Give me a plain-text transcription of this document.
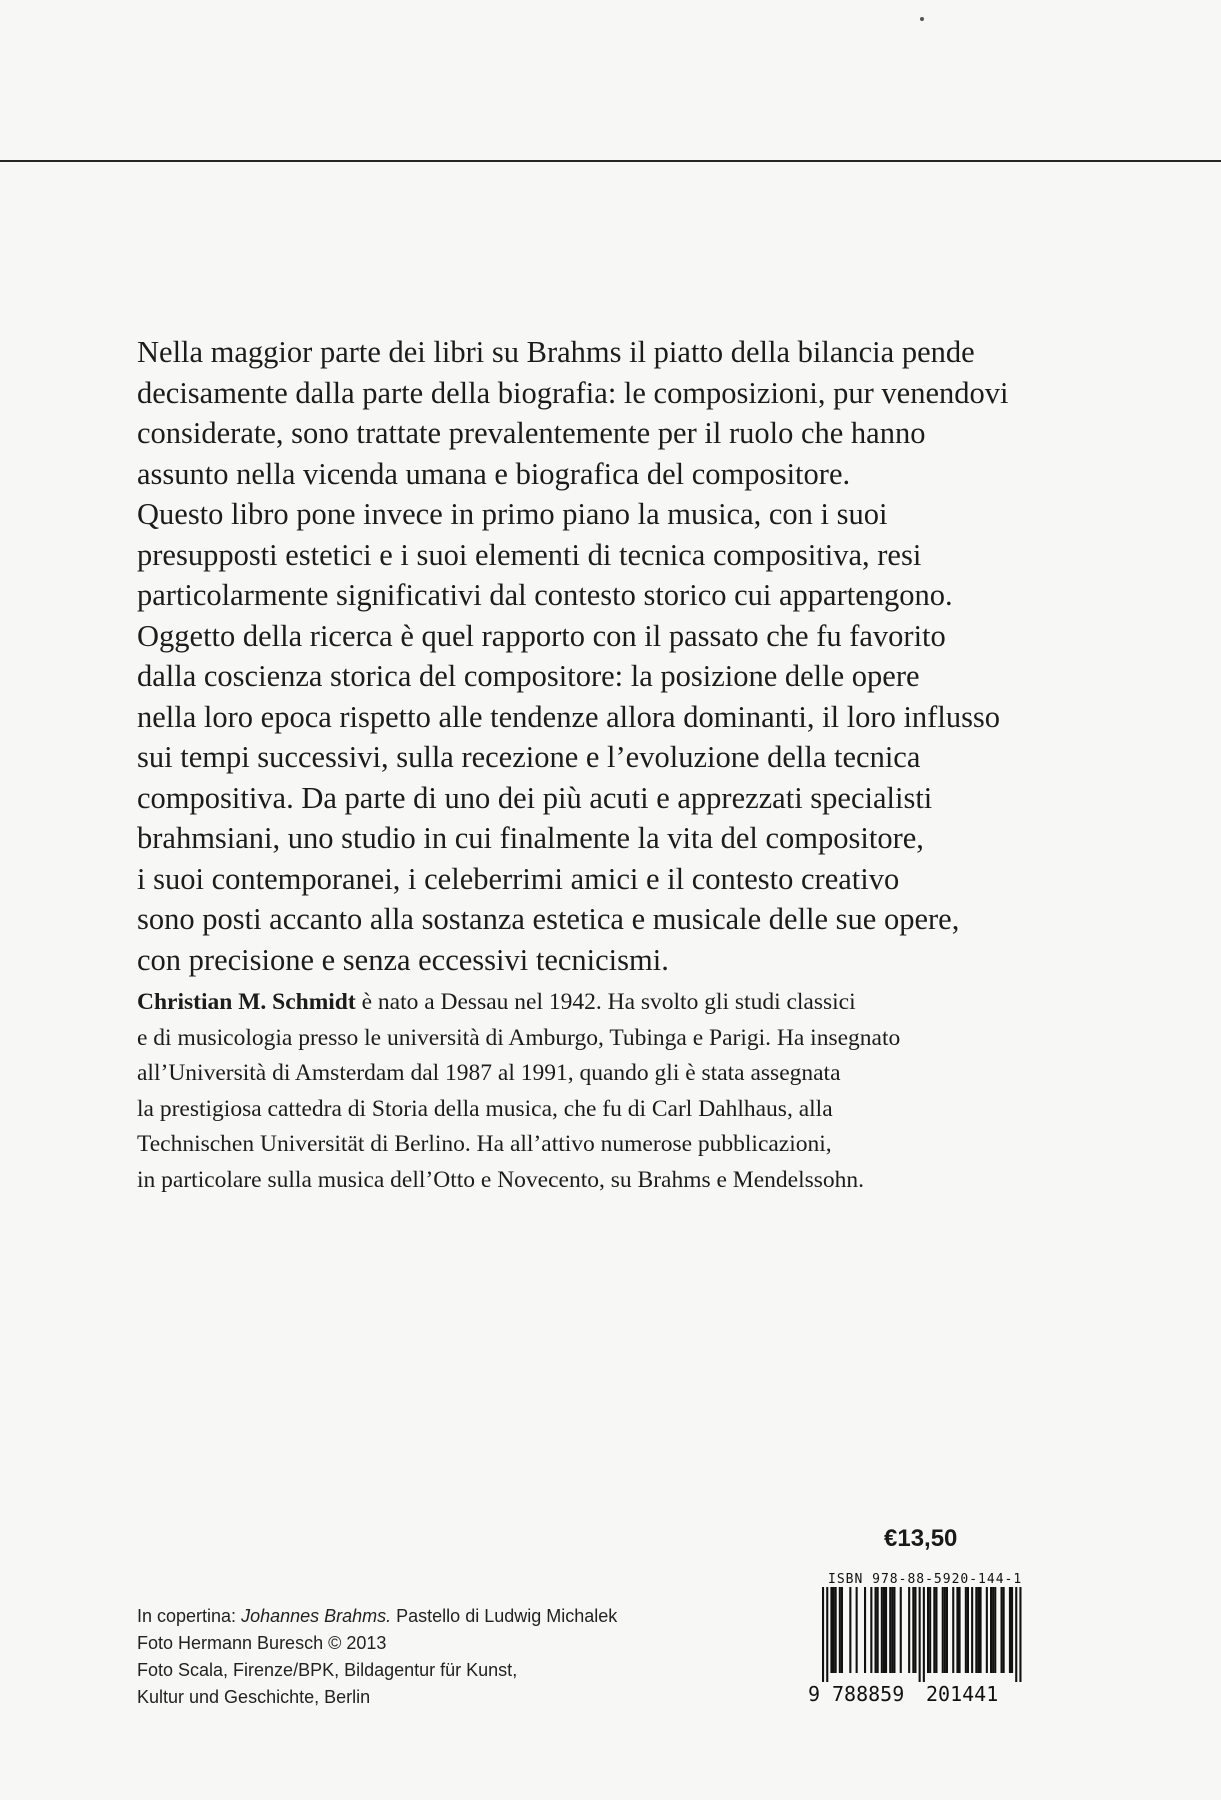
Nella maggior parte dei libri su Brahms il piatto della bilancia pende
decisamente dalla parte della biografia: le composizioni, pur venendovi
considerate, sono trattate prevalentemente per il ruolo che hanno
assunto nella vicenda umana e biografica del compositore.
Questo libro pone invece in primo piano la musica, con i suoi
presupposti estetici e i suoi elementi di tecnica compositiva, resi
particolarmente significativi dal contesto storico cui appartengono.
Oggetto della ricerca è quel rapporto con il passato che fu favorito
dalla coscienza storica del compositore: la posizione delle opere
nella loro epoca rispetto alle tendenze allora dominanti, il loro influsso
sui tempi successivi, sulla recezione e l’evoluzione della tecnica
compositiva. Da parte di uno dei più acuti e apprezzati specialisti
brahmsiani, uno studio in cui finalmente la vita del compositore,
i suoi contemporanei, i celeberrimi amici e il contesto creativo
sono posti accanto alla sostanza estetica e musicale delle sue opere,
con precisione e senza eccessivi tecnicismi.
Christian M. Schmidt è nato a Dessau nel 1942. Ha svolto gli studi classici
e di musicologia presso le università di Amburgo, Tubinga e Parigi. Ha insegnato
all’Università di Amsterdam dal 1987 al 1991, quando gli è stata assegnata
la prestigiosa cattedra di Storia della musica, che fu di Carl Dahlhaus, alla
Technischen Universität di Berlino. Ha all’attivo numerose pubblicazioni,
in particolare sulla musica dell’Otto e Novecento, su Brahms e Mendelssohn.
In copertina: Johannes Brahms. Pastello di Ludwig Michalek
Foto Hermann Buresch © 2013
Foto Scala, Firenze/BPK, Bildagentur für Kunst,
Kultur und Geschichte, Berlin
€13,50
ISBN 978-88-5920-144-1
9 788859 201441
